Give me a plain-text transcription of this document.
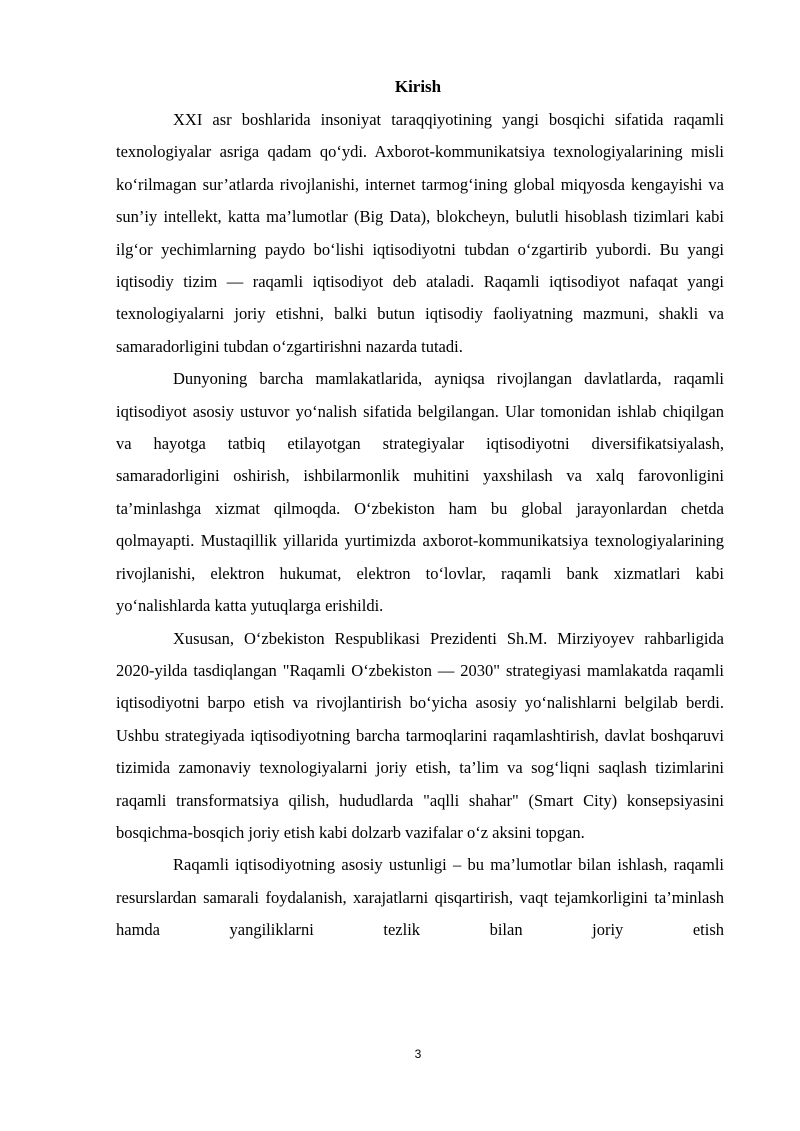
Kirish

XXI asr boshlarida insoniyat taraqqiyotining yangi bosqichi sifatida raqamli texnologiyalar asriga qadam qo‘ydi. Axborot-kommunikatsiya texnologiyalarining misli ko‘rilmagan sur’atlarda rivojlanishi, internet tarmog‘ining global miqyosda kengayishi va sun’iy intellekt, katta ma’lumotlar (Big Data), blokcheyn, bulutli hisoblash tizimlari kabi ilg‘or yechimlarning paydo bo‘lishi iqtisodiyotni tubdan o‘zgartirib yubordi. Bu yangi iqtisodiy tizim — raqamli iqtisodiyot deb ataladi. Raqamli iqtisodiyot nafaqat yangi texnologiyalarni joriy etishni, balki butun iqtisodiy faoliyatning mazmuni, shakli va samaradorligini tubdan o‘zgartirishni nazarda tutadi.

Dunyoning barcha mamlakatlarida, ayniqsa rivojlangan davlatlarda, raqamli iqtisodiyot asosiy ustuvor yo‘nalish sifatida belgilangan. Ular tomonidan ishlab chiqilgan va hayotga tatbiq etilayotgan strategiyalar iqtisodiyotni diversifikatsiyalash, samaradorligini oshirish, ishbilarmonlik muhitini yaxshilash va xalq farovonligini ta’minlashga xizmat qilmoqda. O‘zbekiston ham bu global jarayonlardan chetda qolmayapti. Mustaqillik yillarida yurtimizda axborot-kommunikatsiya texnologiyalarining rivojlanishi, elektron hukumat, elektron to‘lovlar, raqamli bank xizmatlari kabi yo‘nalishlarda katta yutuqlarga erishildi.

Xususan, O‘zbekiston Respublikasi Prezidenti Sh.M. Mirziyoyev rahbarligida 2020-yilda tasdiqlangan "Raqamli O‘zbekiston — 2030" strategiyasi mamlakatda raqamli iqtisodiyotni barpo etish va rivojlantirish bo‘yicha asosiy yo‘nalishlarni belgilab berdi. Ushbu strategiyada iqtisodiyotning barcha tarmoqlarini raqamlashtirish, davlat boshqaruvi tizimida zamonaviy texnologiyalarni joriy etish, ta’lim va sog‘liqni saqlash tizimlarini raqamli transformatsiya qilish, hududlarda "aqlli shahar" (Smart City) konsepsiyasini bosqichma-bosqich joriy etish kabi dolzarb vazifalar o‘z aksini topgan.

Raqamli iqtisodiyotning asosiy ustunligi – bu ma’lumotlar bilan ishlash, raqamli resurslardan samarali foydalanish, xarajatlarni qisqartirish, vaqt tejamkorligini ta’minlash hamda yangiliklarni tezlik bilan joriy etish

3
